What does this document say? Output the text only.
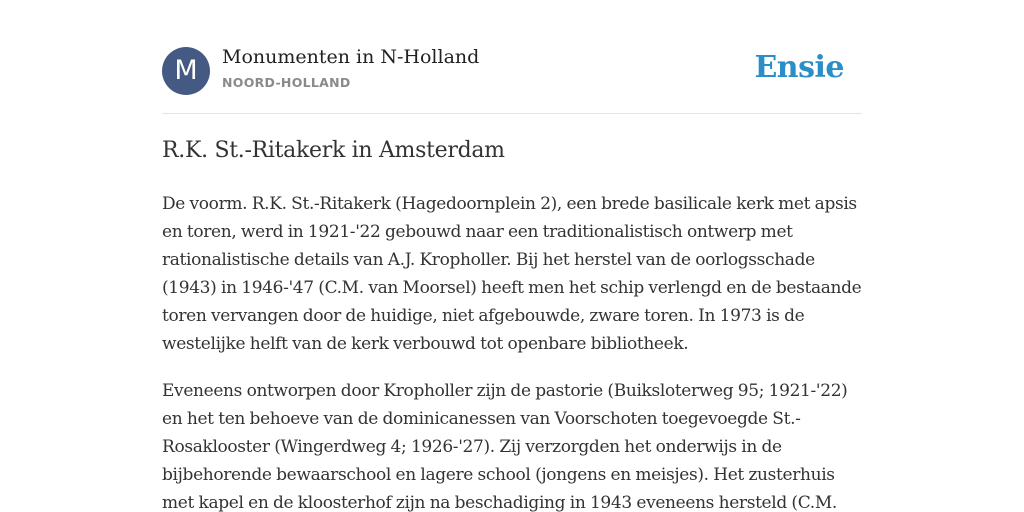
M	Monumenten in N-Holland
NOORD-HOLLAND	Ensie
R.K. St.-Ritakerk in Amsterdam

De voorm. R.K. St.-Ritakerk (Hagedoornplein 2), een brede basilicale kerk met apsis en toren, werd in 1921-'22 gebouwd naar een traditionalistisch ontwerp met rationalistische details van A.J. Kropholler. Bij het herstel van de oorlogsschade (1943) in 1946-'47 (C.M. van Moorsel) heeft men het schip verlengd en de bestaande toren vervangen door de huidige, niet afgebouwde, zware toren. In 1973 is de westelijke helft van de kerk verbouwd tot openbare bibliotheek.

Eveneens ontworpen door Kropholler zijn de pastorie (Buiksloterweg 95; 1921-'22) en het ten behoeve van de dominicanessen van Voorschoten toegevoegde St.-Rosaklooster (Wingerdweg 4; 1926-'27). Zij verzorgden het onderwijs in de bijbehorende bewaarschool en lagere school (jongens en meisjes). Het zusterhuis met kapel en de kloosterhof zijn na beschadiging in 1943 eveneens hersteld (C.M.
